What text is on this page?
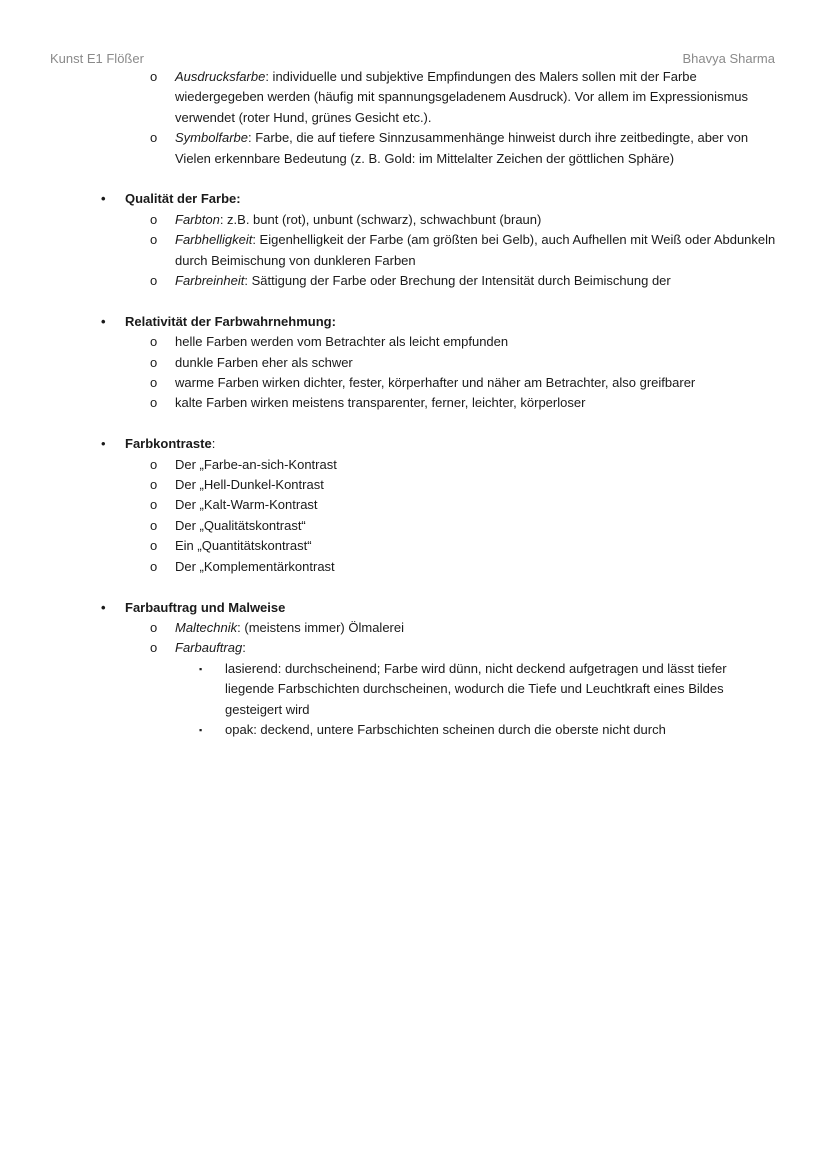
Kunst E1 Flößer	Bhavya Sharma
o Ausdrucksfarbe: individuelle und subjektive Empfindungen des Malers sollen mit der Farbe wiedergegeben werden (häufig mit spannungsgeladenem Ausdruck). Vor allem im Expressionismus verwendet (roter Hund, grünes Gesicht etc.).
o Symbolfarbe: Farbe, die auf tiefere Sinnzusammenhänge hinweist durch ihre zeitbedingte, aber von Vielen erkennbare Bedeutung (z. B. Gold: im Mittelalter Zeichen der göttlichen Sphäre)
• Qualität der Farbe:
o Farbton: z.B. bunt (rot), unbunt (schwarz), schwachbunt (braun)
o Farbhelligkeit: Eigenhelligkeit der Farbe (am größten bei Gelb), auch Aufhellen mit Weiß oder Abdunkeln durch Beimischung von dunkleren Farben
o Farbreinheit: Sättigung der Farbe oder Brechung der Intensität durch Beimischung der
• Relativität der Farbwahrnehmung:
o helle Farben werden vom Betrachter als leicht empfunden
o dunkle Farben eher als schwer
o warme Farben wirken dichter, fester, körperhafter und näher am Betrachter, also greifbarer
o kalte Farben wirken meistens transparenter, ferner, leichter, körperloser
• Farbkontraste:
o Der „Farbe-an-sich-Kontrast
o Der „Hell-Dunkel-Kontrast
o Der „Kalt-Warm-Kontrast
o Der „Qualitätskontrast“
o Ein „Quantitätskontrast“
o Der „Komplementärkontrast
• Farbauftrag und Malweise
o Maltechnik: (meistens immer) Ölmalerei
o Farbauftrag:
▪ lasierend: durchscheinend; Farbe wird dünn, nicht deckend aufgetragen und lässt tiefer liegende Farbschichten durchscheinen, wodurch die Tiefe und Leuchtkraft eines Bildes gesteigert wird
▪ opak: deckend, untere Farbschichten scheinen durch die oberste nicht durch
